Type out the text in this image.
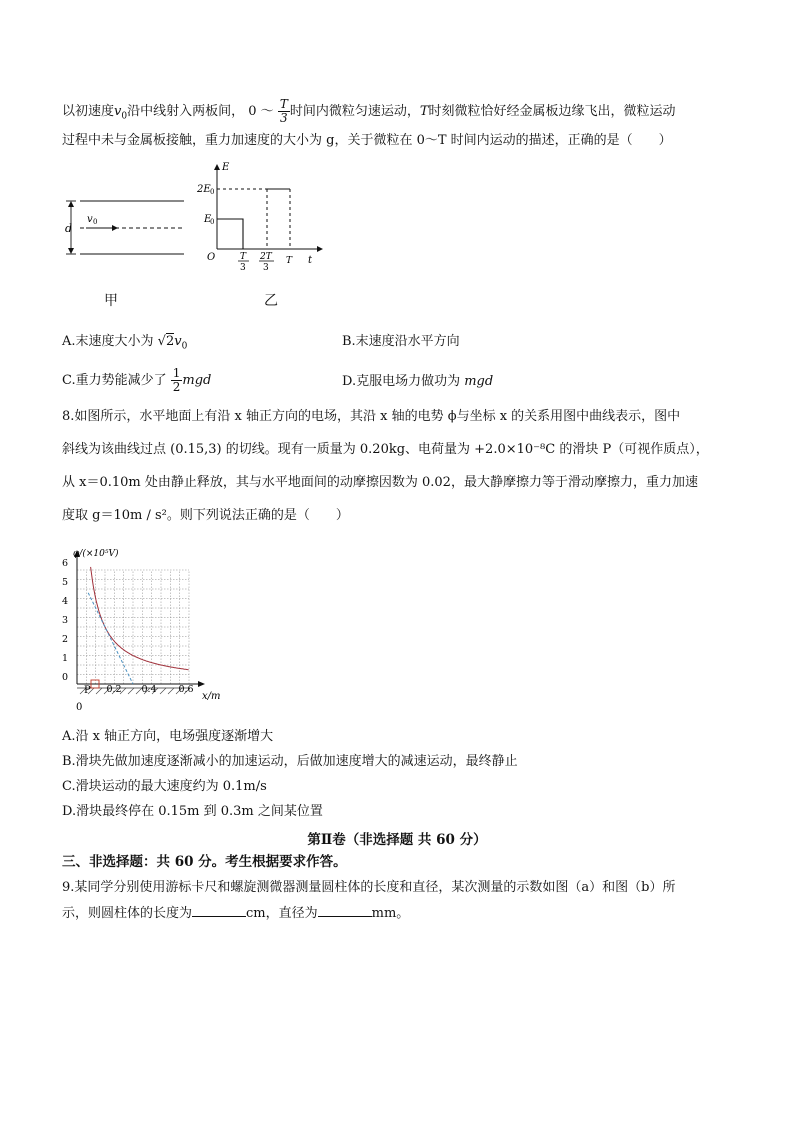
以初速度$v_0$沿中线射入两板间， 0 ～ $\frac{T}{3}$ 时间内微粒匀速运动，T时刻微粒恰好经金属板边缘飞出，微粒运动
过程中未与金属板接触，重力加速度的大小为 g，关于微粒在 0～T 时间内运动的描述，正确的是（　　）
d
v 0
甲
E
2E 0
E
0
O	T
3
2T
3
T t
乙
A.末速度大小为 $√2v_0$	B.末速度沿水平方向
C.重力势能减少了 $\frac{1}{2}$ mgd	D.克服电场力做功为 mgd
8.如图所示，水平地面上有沿 x 轴正方向的电场，其沿 x 轴的电势 ϕ与坐标 x 的关系用图中曲线表示，图中
斜线为该曲线过点 (0.15,3) 的切线。现有一质量为 0.20kg、电荷量为 +2.0×10⁻⁸C 的滑块 P（可视作质点），
从 x＝0.10m 处由静止释放，其与水平地面间的动摩擦因数为 0.02，最大静摩擦力等于滑动摩擦力，重力加速
度取 g＝10m / s²。则下列说法正确的是（　　）
P
6
5
4
3
2
1
0
0.2 0.4 0.6
x/m
0
φ/(×10⁵V)
A.沿 x 轴正方向，电场强度逐渐增大
B.滑块先做加速度逐渐减小的加速运动，后做加速度增大的减速运动，最终静止
C.滑块运动的最大速度约为 0.1m/s
D.滑块最终停在 0.15m 到 0.3m 之间某位置
第Ⅱ卷（非选择题 共 60 分）
三、非选择题：共 60 分。考生根据要求作答。
9.某同学分别使用游标卡尺和螺旋测微器测量圆柱体的长度和直径，某次测量的示数如图（a）和图（b）所
示，则圆柱体的长度为	cm，直径为	mm。
